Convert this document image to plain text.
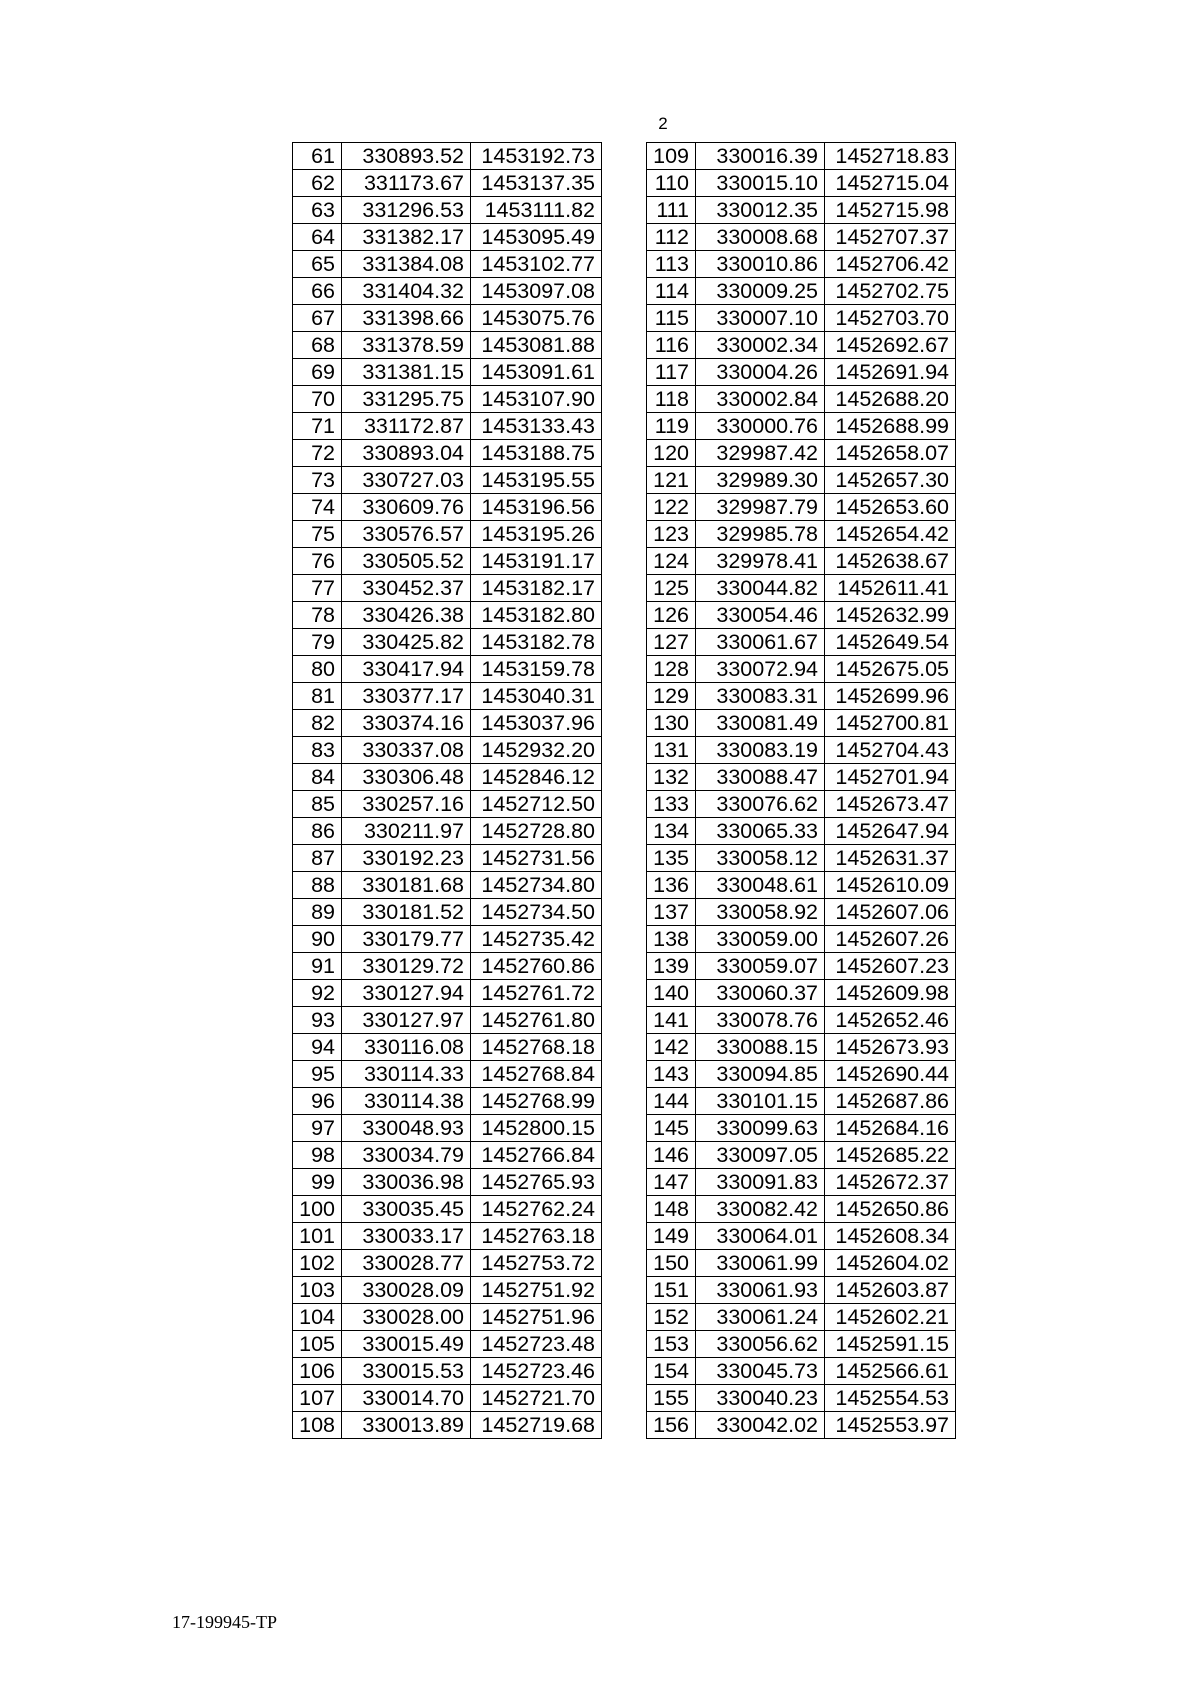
2
61	330893.52	1453192.73
62	331173.67	1453137.35
63	331296.53	1453111.82
64	331382.17	1453095.49
65	331384.08	1453102.77
66	331404.32	1453097.08
67	331398.66	1453075.76
68	331378.59	1453081.88
69	331381.15	1453091.61
70	331295.75	1453107.90
71	331172.87	1453133.43
72	330893.04	1453188.75
73	330727.03	1453195.55
74	330609.76	1453196.56
75	330576.57	1453195.26
76	330505.52	1453191.17
77	330452.37	1453182.17
78	330426.38	1453182.80
79	330425.82	1453182.78
80	330417.94	1453159.78
81	330377.17	1453040.31
82	330374.16	1453037.96
83	330337.08	1452932.20
84	330306.48	1452846.12
85	330257.16	1452712.50
86	330211.97	1452728.80
87	330192.23	1452731.56
88	330181.68	1452734.80
89	330181.52	1452734.50
90	330179.77	1452735.42
91	330129.72	1452760.86
92	330127.94	1452761.72
93	330127.97	1452761.80
94	330116.08	1452768.18
95	330114.33	1452768.84
96	330114.38	1452768.99
97	330048.93	1452800.15
98	330034.79	1452766.84
99	330036.98	1452765.93
100	330035.45	1452762.24
101	330033.17	1452763.18
102	330028.77	1452753.72
103	330028.09	1452751.92
104	330028.00	1452751.96
105	330015.49	1452723.48
106	330015.53	1452723.46
107	330014.70	1452721.70
108	330013.89	1452719.68
109	330016.39	1452718.83
110	330015.10	1452715.04
111	330012.35	1452715.98
112	330008.68	1452707.37
113	330010.86	1452706.42
114	330009.25	1452702.75
115	330007.10	1452703.70
116	330002.34	1452692.67
117	330004.26	1452691.94
118	330002.84	1452688.20
119	330000.76	1452688.99
120	329987.42	1452658.07
121	329989.30	1452657.30
122	329987.79	1452653.60
123	329985.78	1452654.42
124	329978.41	1452638.67
125	330044.82	1452611.41
126	330054.46	1452632.99
127	330061.67	1452649.54
128	330072.94	1452675.05
129	330083.31	1452699.96
130	330081.49	1452700.81
131	330083.19	1452704.43
132	330088.47	1452701.94
133	330076.62	1452673.47
134	330065.33	1452647.94
135	330058.12	1452631.37
136	330048.61	1452610.09
137	330058.92	1452607.06
138	330059.00	1452607.26
139	330059.07	1452607.23
140	330060.37	1452609.98
141	330078.76	1452652.46
142	330088.15	1452673.93
143	330094.85	1452690.44
144	330101.15	1452687.86
145	330099.63	1452684.16
146	330097.05	1452685.22
147	330091.83	1452672.37
148	330082.42	1452650.86
149	330064.01	1452608.34
150	330061.99	1452604.02
151	330061.93	1452603.87
152	330061.24	1452602.21
153	330056.62	1452591.15
154	330045.73	1452566.61
155	330040.23	1452554.53
156	330042.02	1452553.97
17-199945-TP
